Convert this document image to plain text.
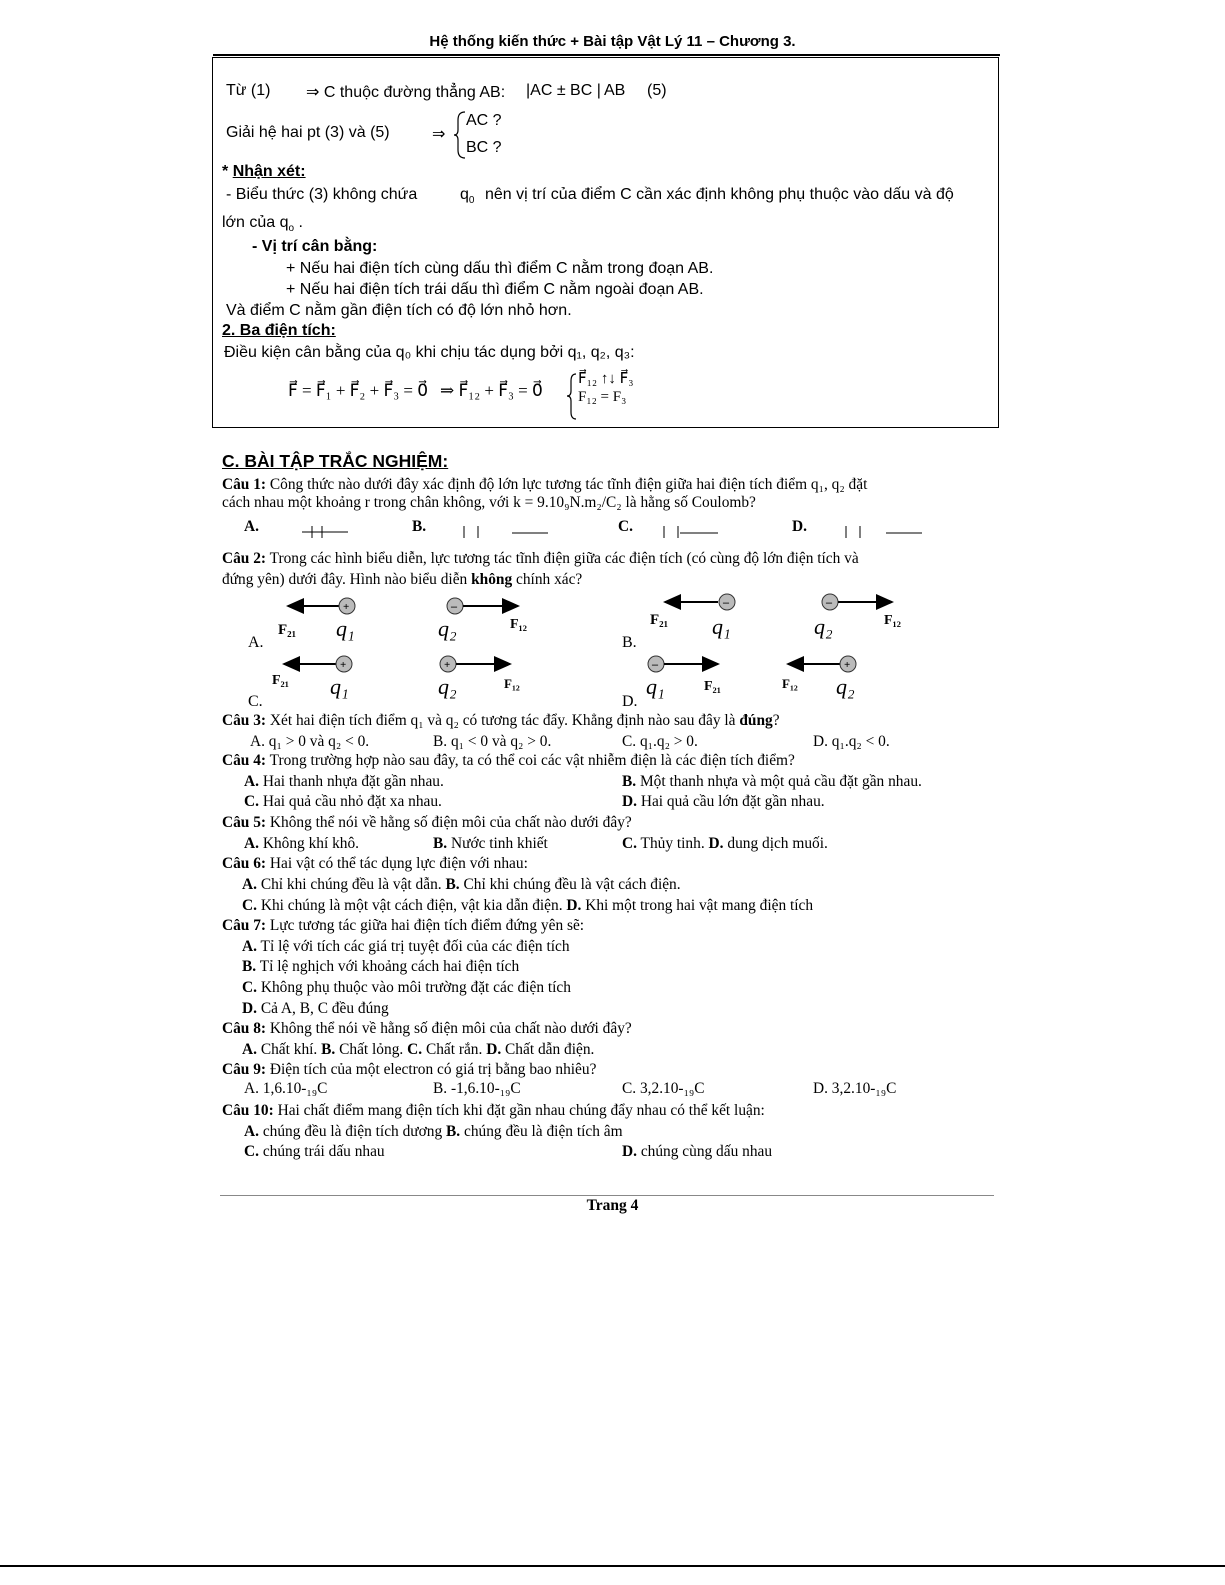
Hệ thống kiến thức + Bài tập Vật Lý 11 – Chương 3.
Từ (1) ⇒ C thuộc đường thẳng AB: |AC ± BC | AB (5)
Giải hệ hai pt (3) và (5)	⇒
AC ?
BC ?
* Nhận xét:
- Biểu thức (3) không chứa	$q_0$ nên vị trí của điểm C cần xác định không phụ thuộc vào dấu và độ
lớn của $q_o$ .
- Vị trí cân bằng:
+ Nếu hai điện tích cùng dấu thì điểm C nằm trong đoạn AB.
+ Nếu hai điện tích trái dấu thì điểm C nằm ngoài đoạn AB.
Và điểm C nằm gần điện tích có độ lớn nhỏ hơn.
2. Ba điện tích:
Điều kiện cân bằng của q₀ khi chịu tác dụng bởi q₁, q₂, q₃:
F⃗ = F⃗₁ + F⃗₂ + F⃗₃ = 0⃗ ⇒ F⃗₁₂ + F⃗₃ = 0⃗
F⃗₁₂ ↑↓ F⃗₃
F₁₂ = F₃
C. BÀI TẬP TRẮC NGHIỆM:
Câu 1: Công thức nào dưới đây xác định độ lớn lực tương tác tĩnh điện giữa hai điện tích điểm q₁, q₂ đặt
cách nhau một khoảng r trong chân không, với k = 9.10₉N.m₂/C₂ là hằng số Coulomb?
A.	B.	C.	D.
Câu 2: Trong các hình biểu diễn, lực tương tác tĩnh điện giữa các điện tích (có cùng độ lớn điện tích và
đứng yên) dưới đây. Hình nào biểu diễn không chính xác?
A.
+
F₂₁ q₁
–
q₂	F₁₂
B.
–
F₂₁ q₁
–
q₂	F₁₂
C.
+
F₂₁ q₁
+
q₂	F₁₂
D.
–
q₁	F₂₁
+
F₁₂ q₂
Câu 3: Xét hai điện tích điểm q₁ và q₂ có tương tác đẩy. Khẳng định nào sau đây là đúng?
A. q₁ > 0 và q₂ < 0.	B. q₁ < 0 và q₂ > 0.	C. q₁.q₂ > 0.	D. q₁.q₂ < 0.
Câu 4: Trong trường hợp nào sau đây, ta có thể coi các vật nhiễm điện là các điện tích điểm?
A. Hai thanh nhựa đặt gần nhau.	B. Một thanh nhựa và một quả cầu đặt gần nhau.
C. Hai quả cầu nhỏ đặt xa nhau.	D. Hai quả cầu lớn đặt gần nhau.
Câu 5: Không thể nói về hằng số điện môi của chất nào dưới đây?
A. Không khí khô.	B. Nước tinh khiết	C. Thủy tinh. D. dung dịch muối.
Câu 6: Hai vật có thể tác dụng lực điện với nhau:
A. Chỉ khi chúng đều là vật dẫn. B. Chỉ khi chúng đều là vật cách điện.
C. Khi chúng là một vật cách điện, vật kia dẫn điện. D. Khi một trong hai vật mang điện tích
Câu 7: Lực tương tác giữa hai điện tích điểm đứng yên sẽ:
A. Tỉ lệ với tích các giá trị tuyệt đối của các điện tích
B. Tỉ lệ nghịch với khoảng cách hai điện tích
C. Không phụ thuộc vào môi trường đặt các điện tích
D. Cả A, B, C đều đúng
Câu 8: Không thể nói về hằng số điện môi của chất nào dưới đây?
A. Chất khí. B. Chất lỏng. C. Chất rắn. D. Chất dẫn điện.
Câu 9: Điện tích của một electron có giá trị bằng bao nhiêu?
A. 1,6.10-₁₉C	B. -1,6.10-₁₉C	C. 3,2.10-₁₉C	D. 3,2.10-₁₉C
Câu 10: Hai chất điểm mang điện tích khi đặt gần nhau chúng đẩy nhau có thể kết luận:
A. chúng đều là điện tích dương B. chúng đều là điện tích âm
C. chúng trái dấu nhau	D. chúng cùng dấu nhau
Trang 4
